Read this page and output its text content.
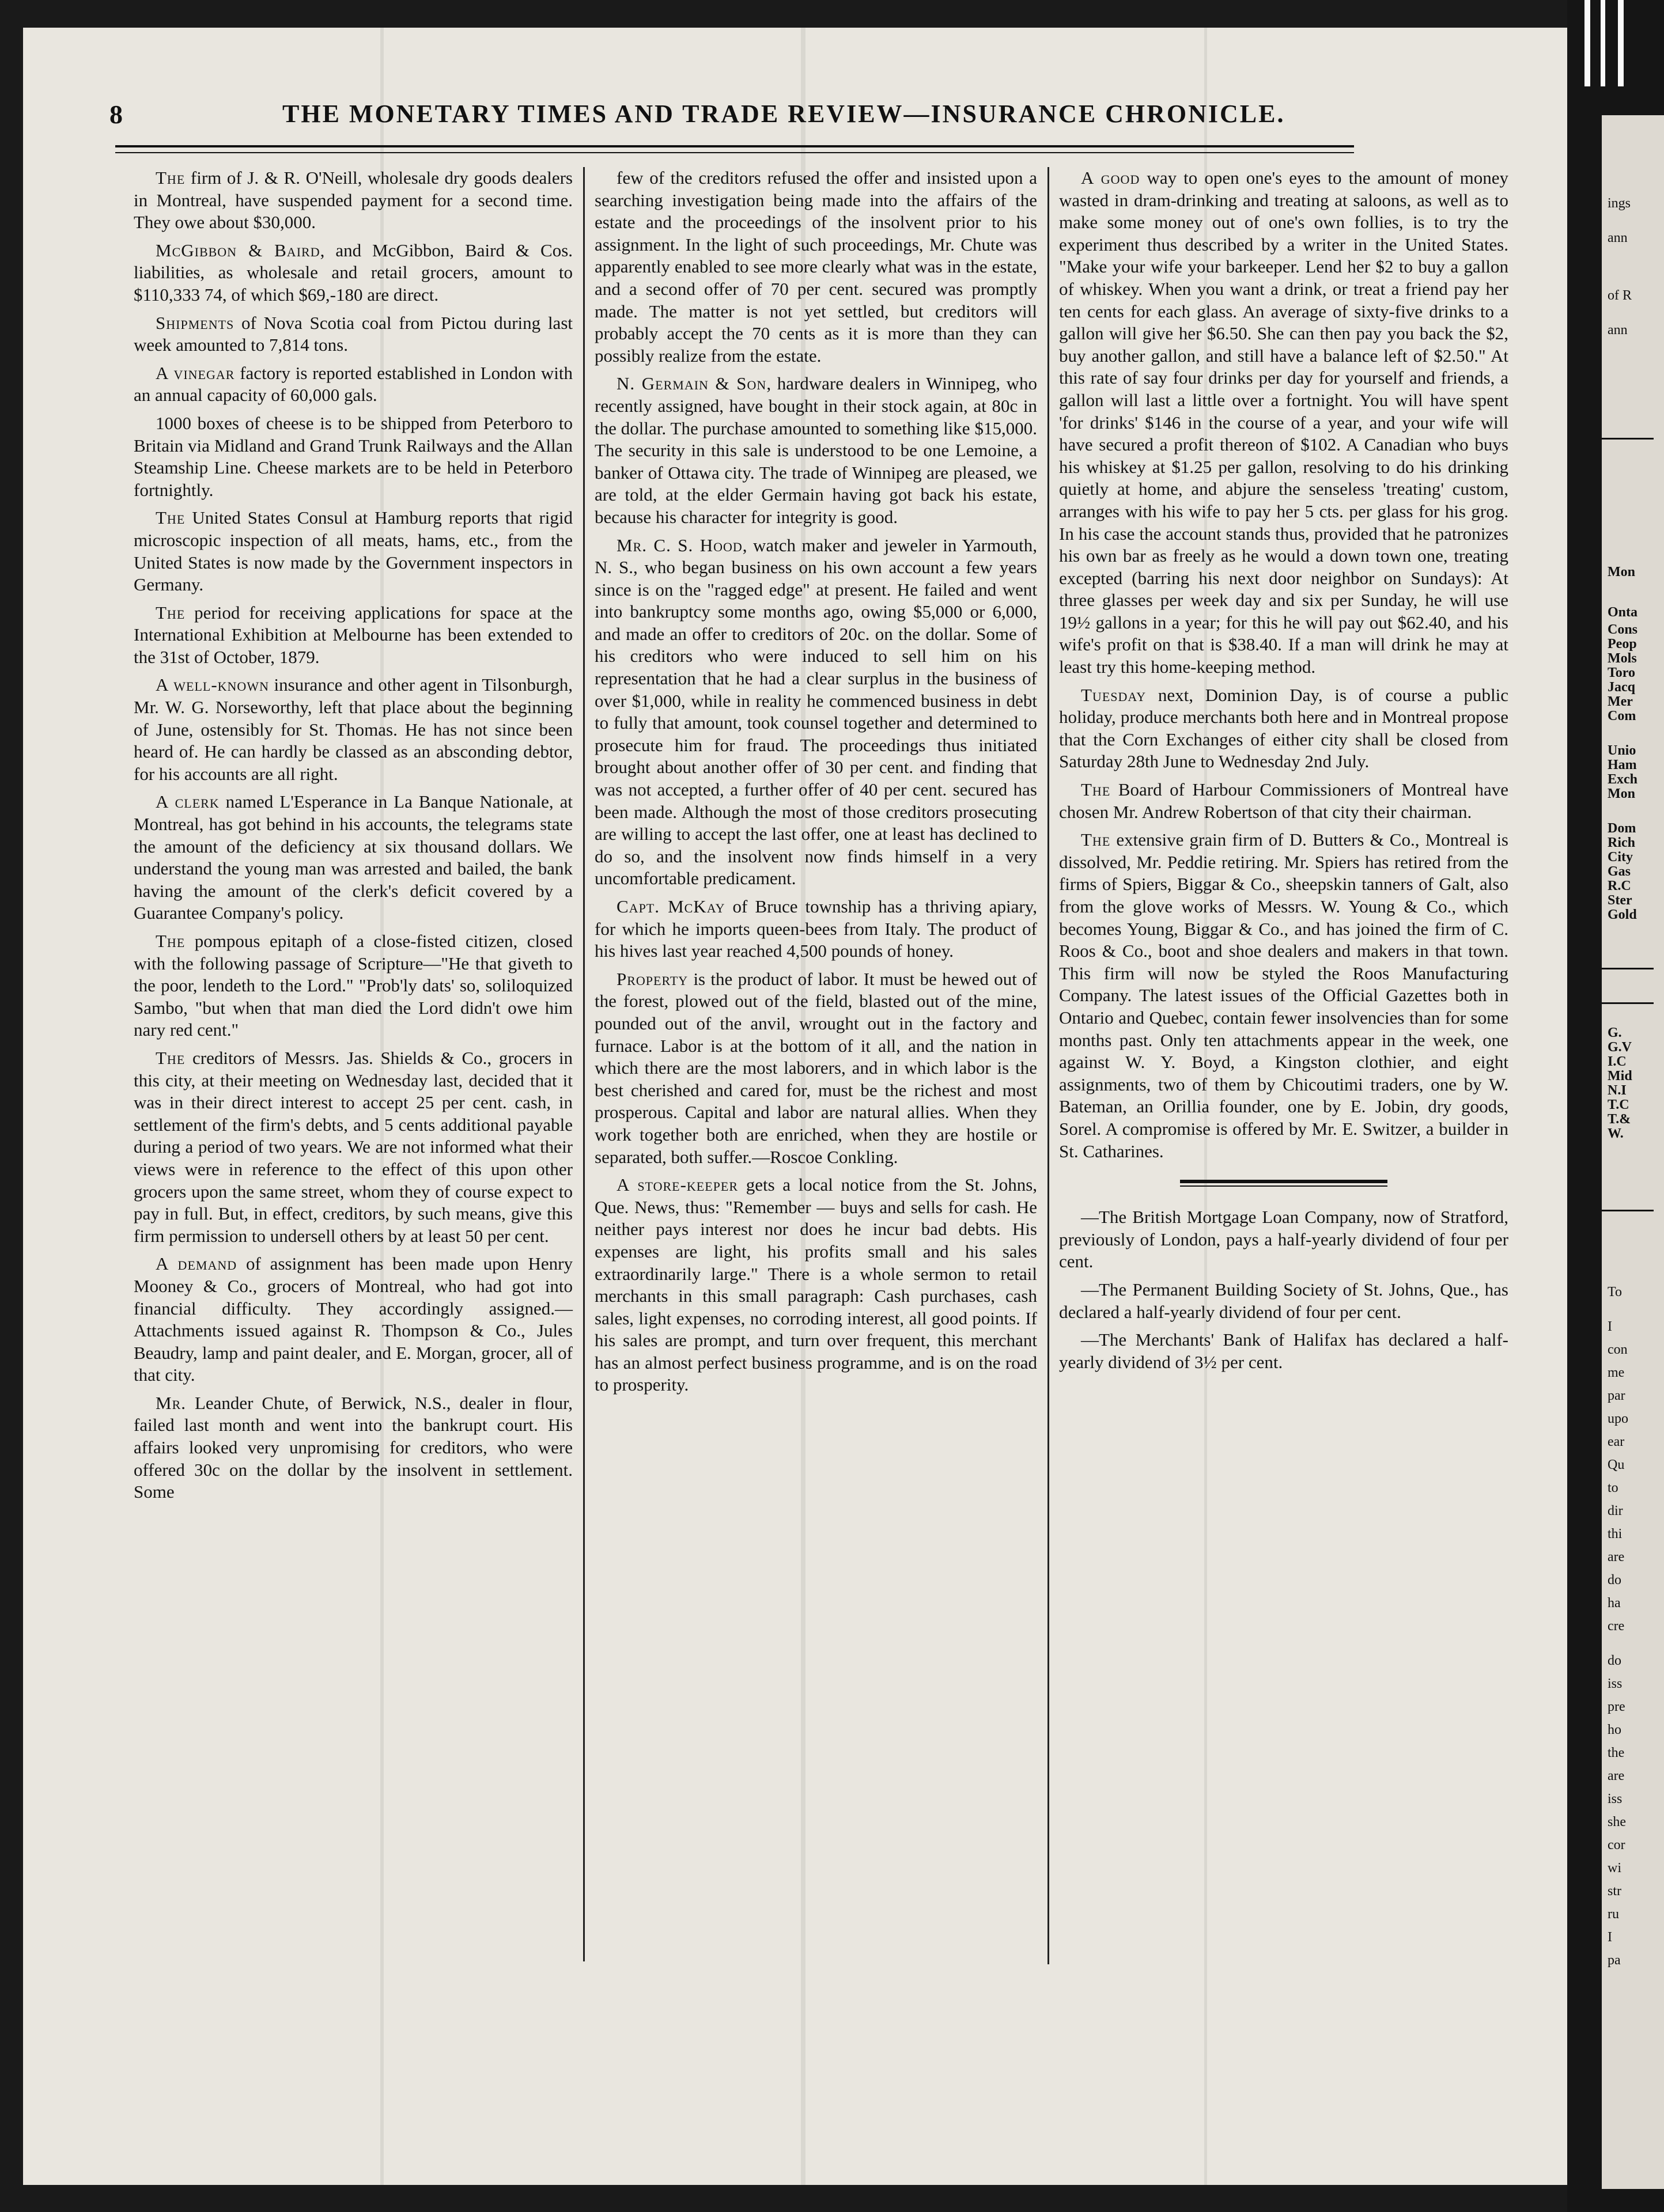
ings
ann
of R
ann
Mon
Onta
Cons
Peop
Mols
Toro
Jacq
Mer
Com
Unio
Ham
Exch
Mon
Dom
Rich
City
Gas
R.C
Ster
Gold
G.
G.V
I.C
Mid
N.I
T.C
T.&
W.
To
I
con
me
par
upo
ear
Qu
to
dir
thi
are
do
ha
cre
do
iss
pre
ho
the
are
iss
she
cor
wi
str
ru
I
pa
8	THE MONETARY TIMES AND TRADE REVIEW—INSURANCE CHRONICLE.

The firm of J. & R. O'Neill, wholesale dry goods dealers in Montreal, have suspended payment for a second time. They owe about $30,000.

McGibbon & Baird, and McGibbon, Baird & Cos. liabilities, as wholesale and retail grocers, amount to $110,333 74, of which $69,-180 are direct.

Shipments of Nova Scotia coal from Pictou during last week amounted to 7,814 tons.

A vinegar factory is reported established in London with an annual capacity of 60,000 gals.

1000 boxes of cheese is to be shipped from Peterboro to Britain via Midland and Grand Trunk Railways and the Allan Steamship Line. Cheese markets are to be held in Peterboro fortnightly.

The United States Consul at Hamburg reports that rigid microscopic inspection of all meats, hams, etc., from the United States is now made by the Government inspectors in Germany.

The period for receiving applications for space at the International Exhibition at Melbourne has been extended to the 31st of October, 1879.

A well-known insurance and other agent in Tilsonburgh, Mr. W. G. Norseworthy, left that place about the beginning of June, ostensibly for St. Thomas. He has not since been heard of. He can hardly be classed as an absconding debtor, for his accounts are all right.

A clerk named L'Esperance in La Banque Nationale, at Montreal, has got behind in his accounts, the telegrams state the amount of the deficiency at six thousand dollars. We understand the young man was arrested and bailed, the bank having the amount of the clerk's deficit covered by a Guarantee Company's policy.

The pompous epitaph of a close-fisted citizen, closed with the following passage of Scripture—"He that giveth to the poor, lendeth to the Lord." "Prob'ly dats' so, soliloquized Sambo, "but when that man died the Lord didn't owe him nary red cent."

The creditors of Messrs. Jas. Shields & Co., grocers in this city, at their meeting on Wednesday last, decided that it was in their direct interest to accept 25 per cent. cash, in settlement of the firm's debts, and 5 cents additional payable during a period of two years. We are not informed what their views were in reference to the effect of this upon other grocers upon the same street, whom they of course expect to pay in full. But, in effect, creditors, by such means, give this firm permission to undersell others by at least 50 per cent.

A demand of assignment has been made upon Henry Mooney & Co., grocers of Montreal, who had got into financial difficulty. They accordingly assigned.—Attachments issued against R. Thompson & Co., Jules Beaudry, lamp and paint dealer, and E. Morgan, grocer, all of that city.

Mr. Leander Chute, of Berwick, N.S., dealer in flour, failed last month and went into the bankrupt court. His affairs looked very unpromising for creditors, who were offered 30c on the dollar by the insolvent in settlement. Some

few of the creditors refused the offer and insisted upon a searching investigation being made into the affairs of the estate and the proceedings of the insolvent prior to his assignment. In the light of such proceedings, Mr. Chute was apparently enabled to see more clearly what was in the estate, and a second offer of 70 per cent. secured was promptly made. The matter is not yet settled, but creditors will probably accept the 70 cents as it is more than they can possibly realize from the estate.

N. Germain & Son, hardware dealers in Winnipeg, who recently assigned, have bought in their stock again, at 80c in the dollar. The purchase amounted to something like $15,000. The security in this sale is understood to be one Lemoine, a banker of Ottawa city. The trade of Winnipeg are pleased, we are told, at the elder Germain having got back his estate, because his character for integrity is good.

Mr. C. S. Hood, watch maker and jeweler in Yarmouth, N. S., who began business on his own account a few years since is on the "ragged edge" at present. He failed and went into bankruptcy some months ago, owing $5,000 or 6,000, and made an offer to creditors of 20c. on the dollar. Some of his creditors who were induced to sell him on his representation that he had a clear surplus in the business of over $1,000, while in reality he commenced business in debt to fully that amount, took counsel together and determined to prosecute him for fraud. The proceedings thus initiated brought about another offer of 30 per cent. and finding that was not accepted, a further offer of 40 per cent. secured has been made. Although the most of those creditors prosecuting are willing to accept the last offer, one at least has declined to do so, and the insolvent now finds himself in a very uncomfortable predicament.

Capt. McKay of Bruce township has a thriving apiary, for which he imports queen-bees from Italy. The product of his hives last year reached 4,500 pounds of honey.

Property is the product of labor. It must be hewed out of the forest, plowed out of the field, blasted out of the mine, pounded out of the anvil, wrought out in the factory and furnace. Labor is at the bottom of it all, and the nation in which there are the most laborers, and in which labor is the best cherished and cared for, must be the richest and most prosperous. Capital and labor are natural allies. When they work together both are enriched, when they are hostile or separated, both suffer.—Roscoe Conkling.

A store-keeper gets a local notice from the St. Johns, Que. News, thus: "Remember — buys and sells for cash. He neither pays interest nor does he incur bad debts. His expenses are light, his profits small and his sales extraordinarily large." There is a whole sermon to retail merchants in this small paragraph: Cash purchases, cash sales, light expenses, no corroding interest, all good points. If his sales are prompt, and turn over frequent, this merchant has an almost perfect business programme, and is on the road to prosperity.

A good way to open one's eyes to the amount of money wasted in dram-drinking and treating at saloons, as well as to make some money out of one's own follies, is to try the experiment thus described by a writer in the United States. "Make your wife your barkeeper. Lend her $2 to buy a gallon of whiskey. When you want a drink, or treat a friend pay her ten cents for each glass. An average of sixty-five drinks to a gallon will give her $6.50. She can then pay you back the $2, buy another gallon, and still have a balance left of $2.50." At this rate of say four drinks per day for yourself and friends, a gallon will last a little over a fortnight. You will have spent 'for drinks' $146 in the course of a year, and your wife will have secured a profit thereon of $102. A Canadian who buys his whiskey at $1.25 per gallon, resolving to do his drinking quietly at home, and abjure the senseless 'treating' custom, arranges with his wife to pay her 5 cts. per glass for his grog. In his case the account stands thus, provided that he patronizes his own bar as freely as he would a down town one, treating excepted (barring his next door neighbor on Sundays): At three glasses per week day and six per Sunday, he will use 19½ gallons in a year; for this he will pay out $62.40, and his wife's profit on that is $38.40. If a man will drink he may at least try this home-keeping method.

Tuesday next, Dominion Day, is of course a public holiday, produce merchants both here and in Montreal propose that the Corn Exchanges of either city shall be closed from Saturday 28th June to Wednesday 2nd July.

The Board of Harbour Commissioners of Montreal have chosen Mr. Andrew Robertson of that city their chairman.

The extensive grain firm of D. Butters & Co., Montreal is dissolved, Mr. Peddie retiring. Mr. Spiers has retired from the firms of Spiers, Biggar & Co., sheepskin tanners of Galt, also from the glove works of Messrs. W. Young & Co., which becomes Young, Biggar & Co., and has joined the firm of C. Roos & Co., boot and shoe dealers and makers in that town. This firm will now be styled the Roos Manufacturing Company. The latest issues of the Official Gazettes both in Ontario and Quebec, contain fewer insolvencies than for some months past. Only ten attachments appear in the week, one against W. Y. Boyd, a Kingston clothier, and eight assignments, two of them by Chicoutimi traders, one by W. Bateman, an Orillia founder, one by E. Jobin, dry goods, Sorel. A compromise is offered by Mr. E. Switzer, a builder in St. Catharines.

—The British Mortgage Loan Company, now of Stratford, previously of London, pays a half-yearly dividend of four per cent.

—The Permanent Building Society of St. Johns, Que., has declared a half-yearly dividend of four per cent.

—The Merchants' Bank of Halifax has declared a half-yearly dividend of 3½ per cent.
